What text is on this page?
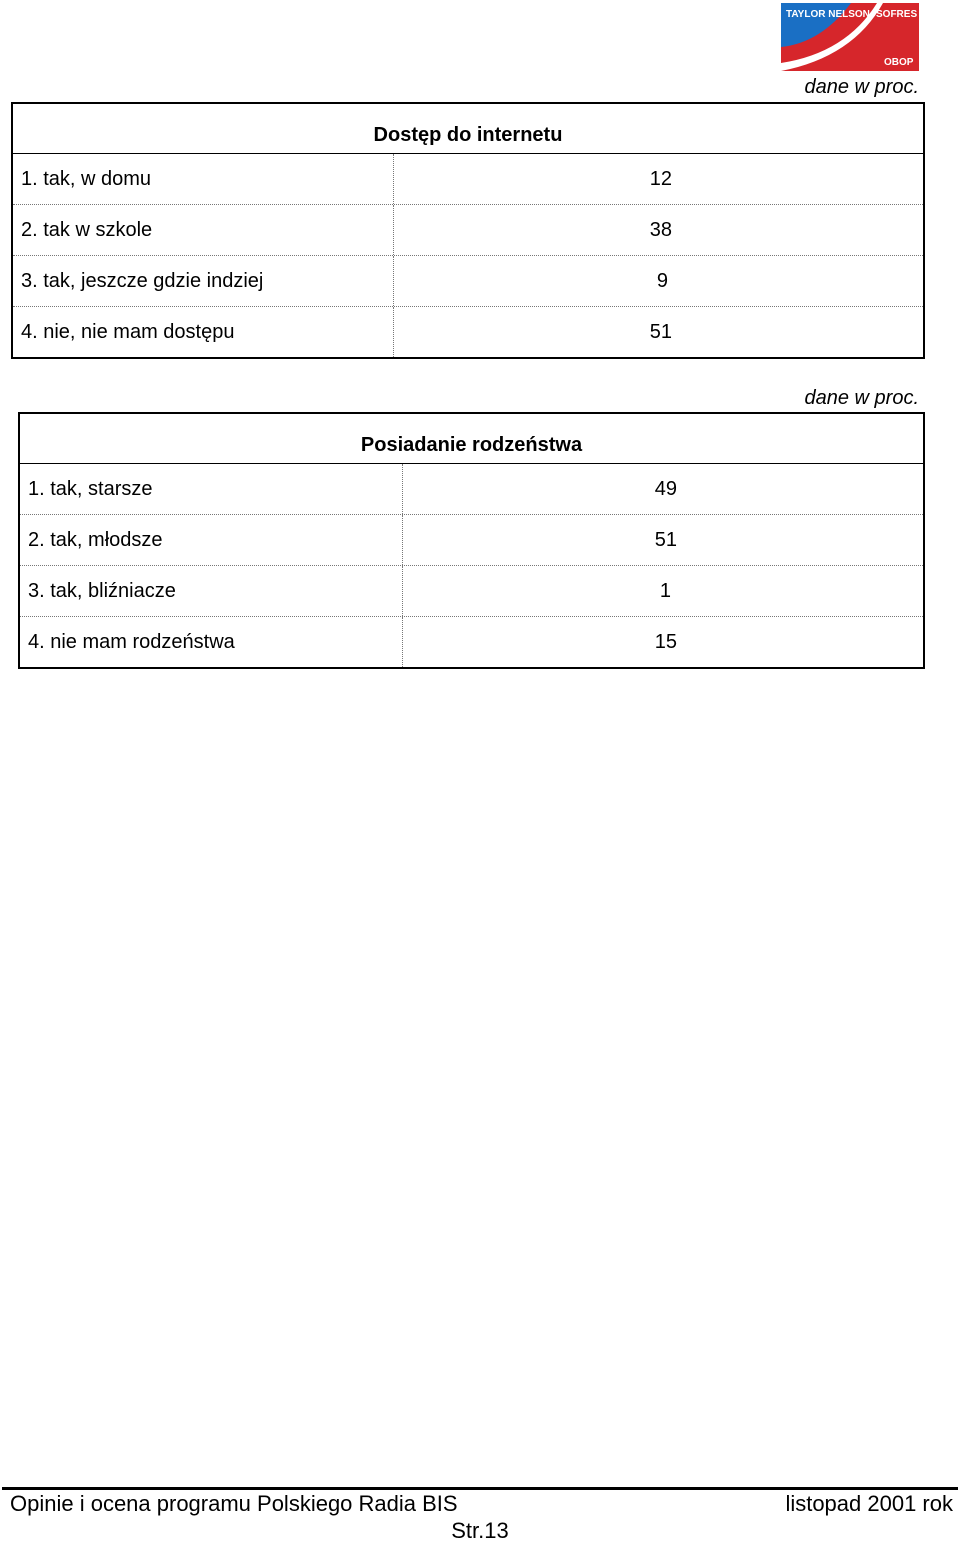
TAYLOR NELSON SOFRES
OBOP
dane w proc.
Dostęp do internetu
1. tak, w domu	12
2. tak w szkole	38
3. tak, jeszcze gdzie indziej	9
4. nie, nie mam dostępu	51
dane w proc.
Posiadanie rodzeństwa
1. tak, starsze	49
2. tak, młodsze	51
3. tak, bliźniacze	1
4. nie mam rodzeństwa	15
Opinie i ocena programu Polskiego Radia BIS	listopad 2001 rok
Str.13
